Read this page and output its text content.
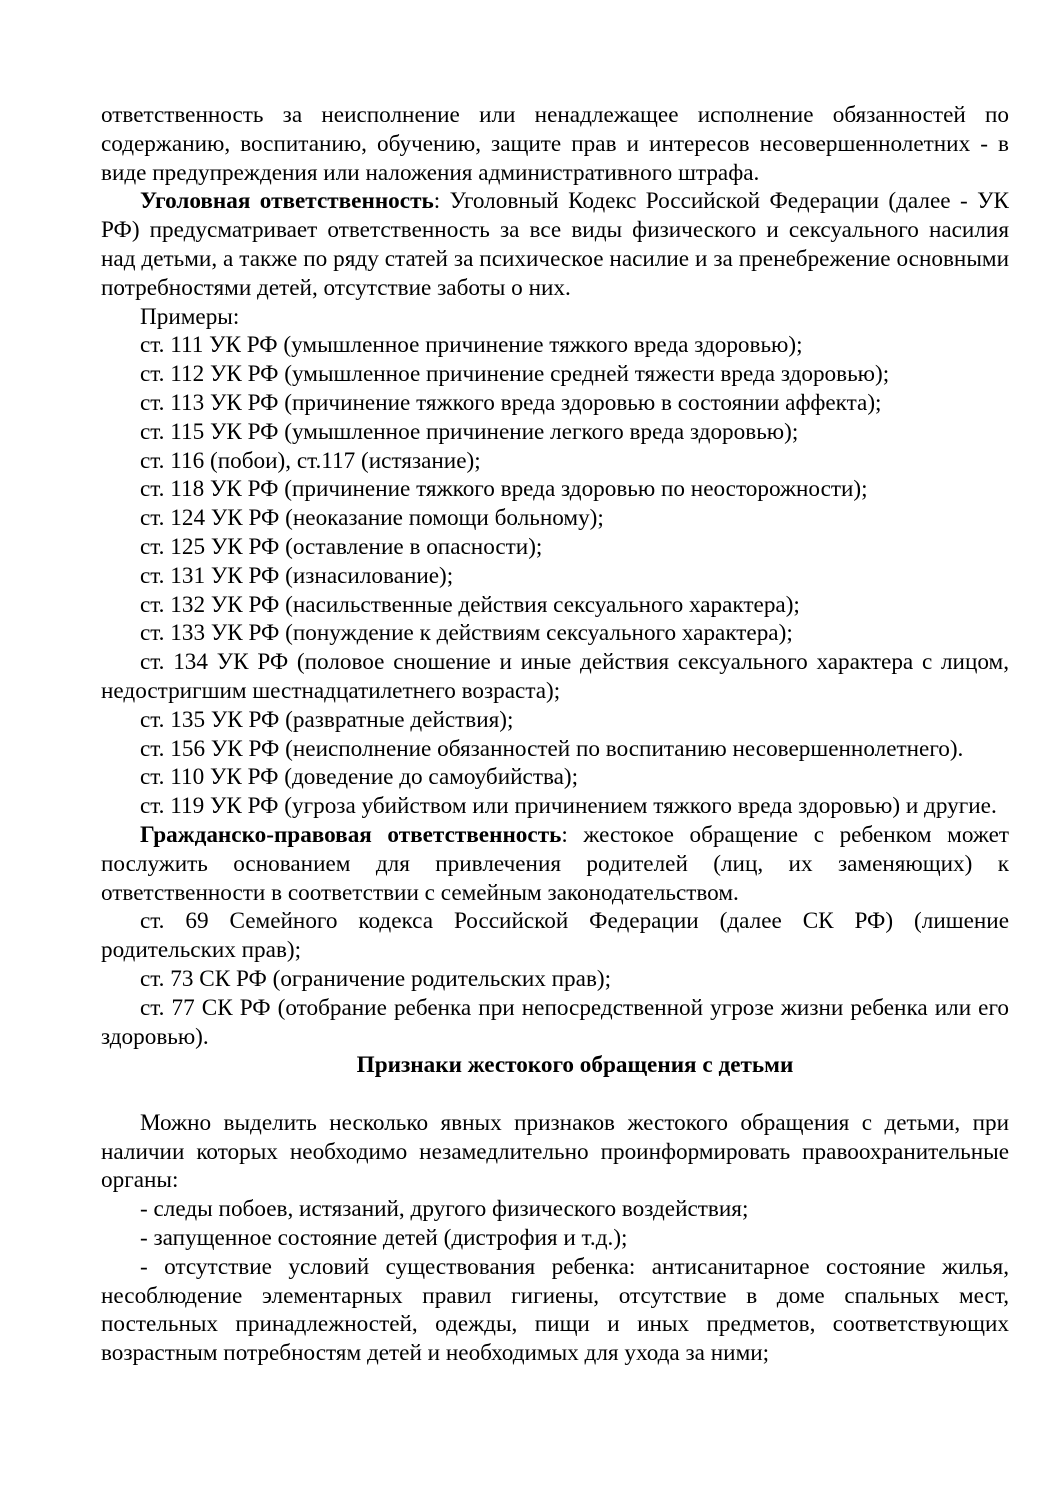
ответственность за неисполнение или ненадлежащее исполнение обязанностей по содержанию, воспитанию, обучению, защите прав и интересов несовершеннолетних - в виде предупреждения или наложения административного штрафа.

Уголовная ответственность: Уголовный Кодекс Российской Федерации (далее - УК РФ) предусматривает ответственность за все виды физического и сексуального насилия над детьми, а также по ряду статей за психическое насилие и за пренебрежение основными потребностями детей, отсутствие заботы о них.

Примеры:

ст. 111 УК РФ (умышленное причинение тяжкого вреда здоровью);

ст. 112 УК РФ (умышленное причинение средней тяжести вреда здоровью);

ст. 113 УК РФ (причинение тяжкого вреда здоровью в состоянии аффекта);

ст. 115 УК РФ (умышленное причинение легкого вреда здоровью);

ст. 116 (побои), ст.117 (истязание);

ст. 118 УК РФ (причинение тяжкого вреда здоровью по неосторожности);

ст. 124 УК РФ (неоказание помощи больному);

ст. 125 УК РФ (оставление в опасности);

ст. 131 УК РФ (изнасилование);

ст. 132 УК РФ (насильственные действия сексуального характера);

ст. 133 УК РФ (понуждение к действиям сексуального характера);

ст. 134 УК РФ (половое сношение и иные действия сексуального характера с лицом, недостригшим шестнадцатилетнего возраста);

ст. 135 УК РФ (развратные действия);

ст. 156 УК РФ (неисполнение обязанностей по воспитанию несовершеннолетнего).

ст. 110 УК РФ (доведение до самоубийства);

ст. 119 УК РФ (угроза убийством или причинением тяжкого вреда здоровью) и другие.

Гражданско-правовая ответственность: жестокое обращение с ребенком может послужить основанием для привлечения родителей (лиц, их заменяющих) к ответственности в соответствии с семейным законодательством.

ст. 69 Семейного кодекса Российской Федерации (далее СК РФ) (лишение родительских прав);

ст. 73 СК РФ (ограничение родительских прав);

ст. 77 СК РФ (отобрание ребенка при непосредственной угрозе жизни ребенка или его здоровью).

Признаки жестокого обращения с детьми

Можно выделить несколько явных признаков жестокого обращения с детьми, при наличии которых необходимо незамедлительно проинформировать правоохранительные органы:

- следы побоев, истязаний, другого физического воздействия;

- запущенное состояние детей (дистрофия и т.д.);

- отсутствие условий существования ребенка: антисанитарное состояние жилья, несоблюдение элементарных правил гигиены, отсутствие в доме спальных мест, постельных принадлежностей, одежды, пищи и иных предметов, соответствующих возрастным потребностям детей и необходимых для ухода за ними;
